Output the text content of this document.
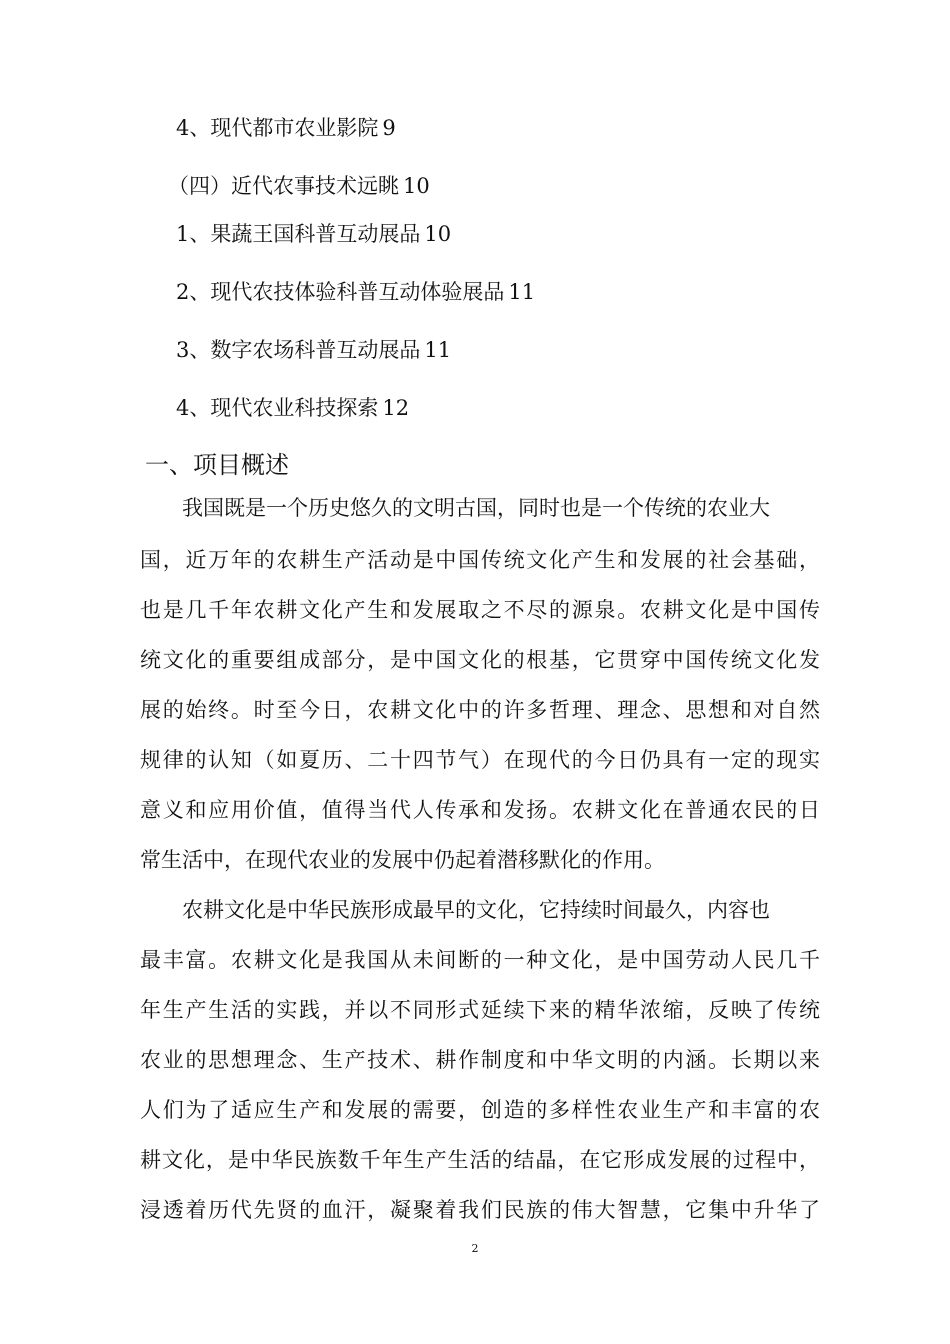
4、现代都市农业影院 9
（四）近代农事技术远眺 10
1、果蔬王国科普互动展品 10
2、现代农技体验科普互动体验展品 11
3、数字农场科普互动展品 11
4、现代农业科技探索 12
一、项目概述
我国既是一个历史悠久的文明古国，同时也是一个传统的农业大
国，近万年的农耕生产活动是中国传统文化产生和发展的社会基础，
也是几千年农耕文化产生和发展取之不尽的源泉。农耕文化是中国传
统文化的重要组成部分，是中国文化的根基，它贯穿中国传统文化发
展的始终。时至今日，农耕文化中的许多哲理、理念、思想和对自然
规律的认知（如夏历、二十四节气）在现代的今日仍具有一定的现实
意义和应用价值，值得当代人传承和发扬。农耕文化在普通农民的日
常生活中，在现代农业的发展中仍起着潜移默化的作用。
农耕文化是中华民族形成最早的文化，它持续时间最久，内容也
最丰富。农耕文化是我国从未间断的一种文化，是中国劳动人民几千
年生产生活的实践，并以不同形式延续下来的精华浓缩，反映了传统
农业的思想理念、生产技术、耕作制度和中华文明的内涵。长期以来
人们为了适应生产和发展的需要，创造的多样性农业生产和丰富的农
耕文化，是中华民族数千年生产生活的结晶，在它形成发展的过程中，
浸透着历代先贤的血汗，凝聚着我们民族的伟大智慧，它集中升华了
2
